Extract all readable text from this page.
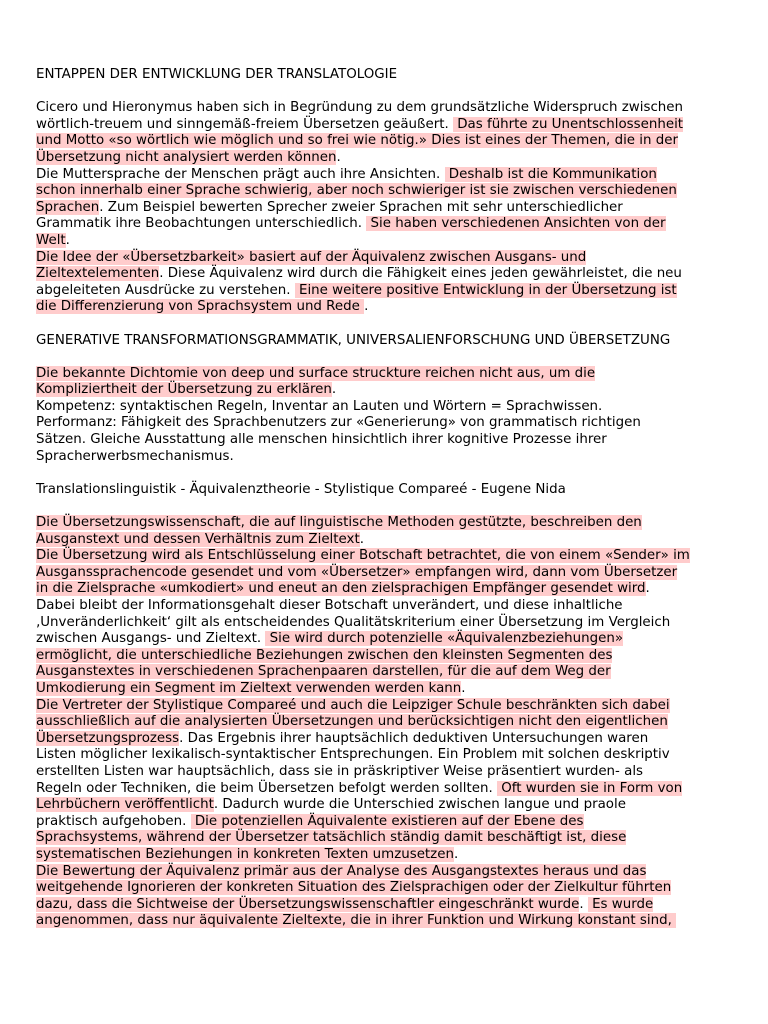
ENTAPPEN DER ENTWICKLUNG DER TRANSLATOLOGIE
Cicero und Hieronymus haben sich in Begründung zu dem grundsätzliche Widerspruch zwischen
wörtlich-treuem und sinngemäß-freiem Übersetzen geäußert.  Das führte zu Unentschlossenheit
und Motto «so wörtlich wie möglich und so frei wie nötig.» Dies ist eines der Themen, die in der
Übersetzung nicht analysiert werden können.
Die Muttersprache der Menschen prägt auch ihre Ansichten.  Deshalb ist die Kommunikation
schon innerhalb einer Sprache schwierig, aber noch schwieriger ist sie zwischen verschiedenen
Sprachen. Zum Beispiel bewerten Sprecher zweier Sprachen mit sehr unterschiedlicher
Grammatik ihre Beobachtungen unterschiedlich.  Sie haben verschiedenen Ansichten von der
Welt.
Die Idee der «Übersetzbarkeit» basiert auf der Äquivalenz zwischen Ausgans- und
Zieltextelementen. Diese Äquivalenz wird durch die Fähigkeit eines jeden gewährleistet, die neu
abgeleiteten Ausdrücke zu verstehen.  Eine weitere positive Entwicklung in der Übersetzung ist
die Differenzierung von Sprachsystem und Rede .
GENERATIVE TRANSFORMATIONSGRAMMATIK, UNIVERSALIENFORSCHUNG UND ÜBERSETZUNG
Die bekannte Dichtomie von deep und surface struckture reichen nicht aus, um die
Kompliziertheit der Übersetzung zu erklären.
Kompetenz: syntaktischen Regeln, Inventar an Lauten und Wörtern = Sprachwissen.
Performanz: Fähigkeit des Sprachbenutzers zur «Generierung» von grammatisch richtigen
Sätzen. Gleiche Ausstattung alle menschen hinsichtlich ihrer kognitive Prozesse ihrer
Spracherwerbsmechanismus.
Translationslinguistik - Äquivalenztheorie - Stylistique Compareé - Eugene Nida
Die Übersetzungswissenschaft, die auf linguistische Methoden gestützte, beschreiben den
Ausganstext und dessen Verhältnis zum Zieltext.
Die Übersetzung wird als Entschlüsselung einer Botschaft betrachtet, die von einem «Sender» im
Ausganssprachencode gesendet und vom «Übersetzer» empfangen wird, dann vom Übersetzer
in die Zielsprache «umkodiert» und eneut an den zielsprachigen Empfänger gesendet wird.
Dabei bleibt der Informationsgehalt dieser Botschaft unverändert, und diese inhaltliche
‚Unveränderlichkeit‘ gilt als entscheidendes Qualitätskriterium einer Übersetzung im Vergleich
zwischen Ausgangs- und Zieltext.  Sie wird durch potenzielle «Äquivalenzbeziehungen»
ermöglicht, die unterschiedliche Beziehungen zwischen den kleinsten Segmenten des
Ausganstextes in verschiedenen Sprachenpaaren darstellen, für die auf dem Weg der
Umkodierung ein Segment im Zieltext verwenden werden kann.
Die Vertreter der Stylistique Compareé und auch die Leipziger Schule beschränkten sich dabei
ausschließlich auf die analysierten Übersetzungen und berücksichtigen nicht den eigentlichen
Übersetzungsprozess. Das Ergebnis ihrer hauptsächlich deduktiven Untersuchungen waren
Listen möglicher lexikalisch-syntaktischer Entsprechungen. Ein Problem mit solchen deskriptiv
erstellten Listen war hauptsächlich, dass sie in präskriptiver Weise präsentiert wurden- als
Regeln oder Techniken, die beim Übersetzen befolgt werden sollten.  Oft wurden sie in Form von
Lehrbüchern veröffentlicht. Dadurch wurde die Unterschied zwischen langue und praole
praktisch aufgehoben.  Die potenziellen Äquivalente existieren auf der Ebene des
Sprachsystems, während der Übersetzer tatsächlich ständig damit beschäftigt ist, diese
systematischen Beziehungen in konkreten Texten umzusetzen.
Die Bewertung der Äquivalenz primär aus der Analyse des Ausgangstextes heraus und das
weitgehende Ignorieren der konkreten Situation des Zielsprachigen oder der Zielkultur führten
dazu, dass die Sichtweise der Übersetzungswissenschaftler eingeschränkt wurde.  Es wurde
angenommen, dass nur äquivalente Zieltexte, die in ihrer Funktion und Wirkung konstant sind,
